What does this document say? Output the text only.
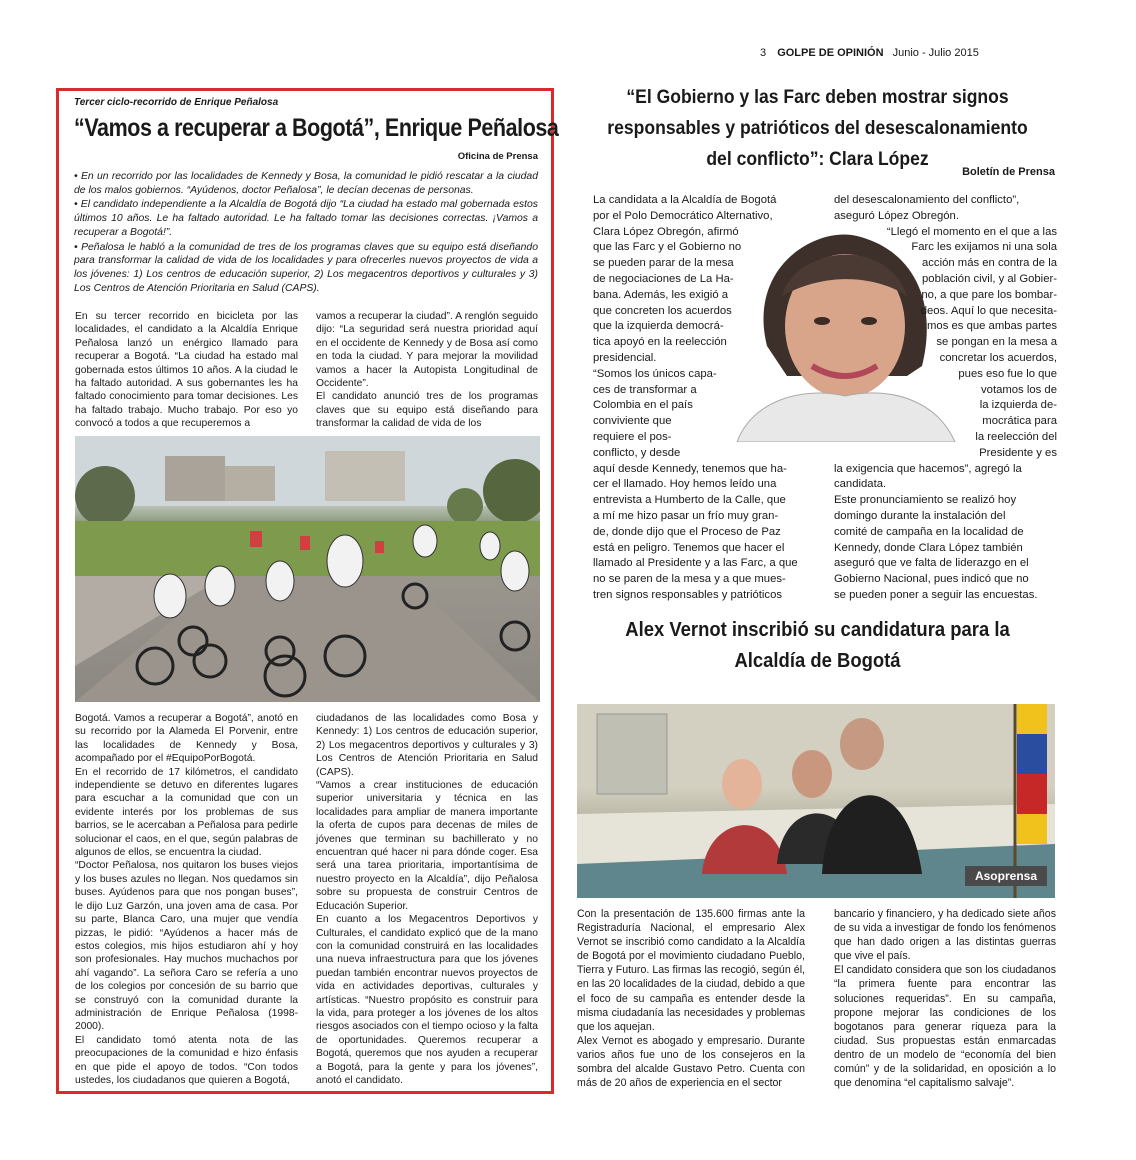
3 GOLPE DE OPINIÓN Junio - Julio 2015
Tercer ciclo-recorrido de Enrique Peñalosa
“Vamos a recuperar a Bogotá”, Enrique Peñalosa
Oficina de Prensa

• En un recorrido por las localidades de Kennedy y Bosa, la comunidad le pidió rescatar a la ciudad de los malos gobiernos. “Ayúdenos, doctor Peñalosa”, le decían decenas de personas.

• El candidato independiente a la Alcaldía de Bogotá dijo “La ciudad ha estado mal gobernada estos últimos 10 años. Le ha faltado autoridad. Le ha faltado tomar las decisiones correctas. ¡Vamos a recuperar a Bogotá!”.

• Peñalosa le habló a la comunidad de tres de los programas claves que su equipo está diseñando para transformar la calidad de vida de los localidades y para ofrecerles nuevos proyectos de vida a los jóvenes: 1) Los centros de educación superior, 2) Los megacentros deportivos y culturales y 3) Los Centros de Atención Prioritaria en Salud (CAPS).

En su tercer recorrido en bicicleta por las localidades, el candidato a la Alcaldía Enrique Peñalosa lanzó un enérgico llamado para recuperar a Bogotá. “La ciudad ha estado mal gobernada estos últimos 10 años. A la ciudad le ha faltado autoridad. A sus gobernantes les ha faltado conocimiento para tomar decisiones. Les ha faltado trabajo. Mucho trabajo. Por eso yo convocó a todos a que recuperemos a

vamos a recuperar la ciudad”. A renglón seguido dijo: “La seguridad será nuestra prioridad aquí en el occidente de Kennedy y de Bosa así como en toda la ciudad. Y para mejorar la movilidad vamos a hacer la Autopista Longitudinal de Occidente”.
El candidato anunció tres de los programas claves que su equipo está diseñando para transformar la calidad de vida de los

Bogotá. Vamos a recuperar a Bogotá”, anotó en su recorrido por la Alameda El Porvenir, entre las localidades de Kennedy y Bosa, acompañado por el #EquipoPorBogotá.
En el recorrido de 17 kilómetros, el candidato independiente se detuvo en diferentes lugares para escuchar a la comunidad que con un evidente interés por los problemas de sus barrios, se le acercaban a Peñalosa para pedirle solucionar el caos, en el que, según palabras de algunos de ellos, se encuentra la ciudad.
“Doctor Peñalosa, nos quitaron los buses viejos y los buses azules no llegan. Nos quedamos sin buses. Ayúdenos para que nos pongan buses”, le dijo Luz Garzón, una joven ama de casa. Por su parte, Blanca Caro, una mujer que vendía pizzas, le pidió: “Ayúdenos a hacer más de estos colegios, mis hijos estudiaron ahí y hoy son profesionales. Hay muchos muchachos por ahí vagando”. La señora Caro se refería a uno de los colegios por concesión de su barrio que se construyó con la comunidad durante la administración de Enrique Peñalosa (1998-2000).
El candidato tomó atenta nota de las preocupaciones de la comunidad e hizo énfasis en que pide el apoyo de todos. “Con todos ustedes, los ciudadanos que quieren a Bogotá,

ciudadanos de las localidades como Bosa y Kennedy: 1) Los centros de educación superior, 2) Los megacentros deportivos y culturales y 3) Los Centros de Atención Prioritaria en Salud (CAPS).
“Vamos a crear instituciones de educación superior universitaria y técnica en las localidades para ampliar de manera importante la oferta de cupos para decenas de miles de jóvenes que terminan su bachillerato y no encuentran qué hacer ni para dónde coger. Esa será una tarea prioritaria, importantísima de nuestro proyecto en la Alcaldía”, dijo Peñalosa sobre su propuesta de construir Centros de Educación Superior.
En cuanto a los Megacentros Deportivos y Culturales, el candidato explicó que de la mano con la comunidad construirá en las localidades una nueva infraestructura para que los jóvenes puedan también encontrar nuevos proyectos de vida en actividades deportivas, culturales y artísticas. “Nuestro propósito es construir para la vida, para proteger a los jóvenes de los altos riesgos asociados con el tiempo ocioso y la falta de oportunidades. Queremos recuperar a Bogotá, queremos que nos ayuden a recuperar a Bogotá, para la gente y para los jóvenes”, anotó el candidato.

“El Gobierno y las Farc deben mostrar signos responsables y patrióticos del desescalonamiento del conflicto”: Clara López
Boletín de Prensa
La candidata a la Alcaldía de Bogotá
por el Polo Democrático Alternativo,
Clara López Obregón, afirmó
que las Farc y el Gobierno no
se pueden parar de la mesa
de negociaciones de La Ha-
bana. Además, les exigió a
que concreten los acuerdos
que la izquierda democrá-
tica apoyó en la reelección
presidencial.
“Somos los únicos capa-
ces de transformar a
Colombia en el país
conviviente que
requiere el pos-
conflicto, y desde
aquí desde Kennedy, tenemos que ha-
cer el llamado. Hoy hemos leído una
entrevista a Humberto de la Calle, que
a mí me hizo pasar un frío muy gran-
de, donde dijo que el Proceso de Paz
está en peligro. Tenemos que hacer el
llamado al Presidente y a las Farc, a que
no se paren de la mesa y a que mues-
tren signos responsables y patrióticos
del desescalonamiento del conflicto”,
aseguró López Obregón.
“Llegó el momento en el que a las
Farc les exijamos ni una sola
acción más en contra de la
población civil, y al Gobier-
no, a que pare los bombar-
deos. Aquí lo que necesita-
mos es que ambas partes
se pongan en la mesa a
concretar los acuerdos,
pues eso fue lo que
votamos los de
la izquierda de-
mocrática para
la reelección del
Presidente y es
la exigencia que hacemos”, agregó la
candidata.
Este pronunciamiento se realizó hoy
domingo durante la instalación del
comité de campaña en la localidad de
Kennedy, donde Clara López también
aseguró que ve falta de liderazgo en el
Gobierno Nacional, pues indicó que no
se pueden poner a seguir las encuestas.
Alex Vernot inscribió su candidatura para la Alcaldía de Bogotá
Asoprensa

Con la presentación de 135.600 firmas ante la Registraduría Nacional, el empresario Alex Vernot se inscribió como candidato a la Alcaldía de Bogotá por el movimiento ciudadano Pueblo, Tierra y Futuro. Las firmas las recogió, según él, en las 20 localidades de la ciudad, debido a que el foco de su campaña es entender desde la misma ciudadanía las necesidades y problemas que los aquejan.
Alex Vernot es abogado y empresario. Durante varios años fue uno de los consejeros en la sombra del alcalde Gustavo Petro. Cuenta con más de 20 años de experiencia en el sector

bancario y financiero, y ha dedicado siete años de su vida a investigar de fondo los fenómenos que han dado origen a las distintas guerras que vive el país.
El candidato considera que son los ciudadanos “la primera fuente para encontrar las soluciones requeridas”. En su campaña, propone mejorar las condiciones de los bogotanos para generar riqueza para la ciudad. Sus propuestas están enmarcadas dentro de un modelo de “economía del bien común” y de la solidaridad, en oposición a lo que denomina “el capitalismo salvaje”.
